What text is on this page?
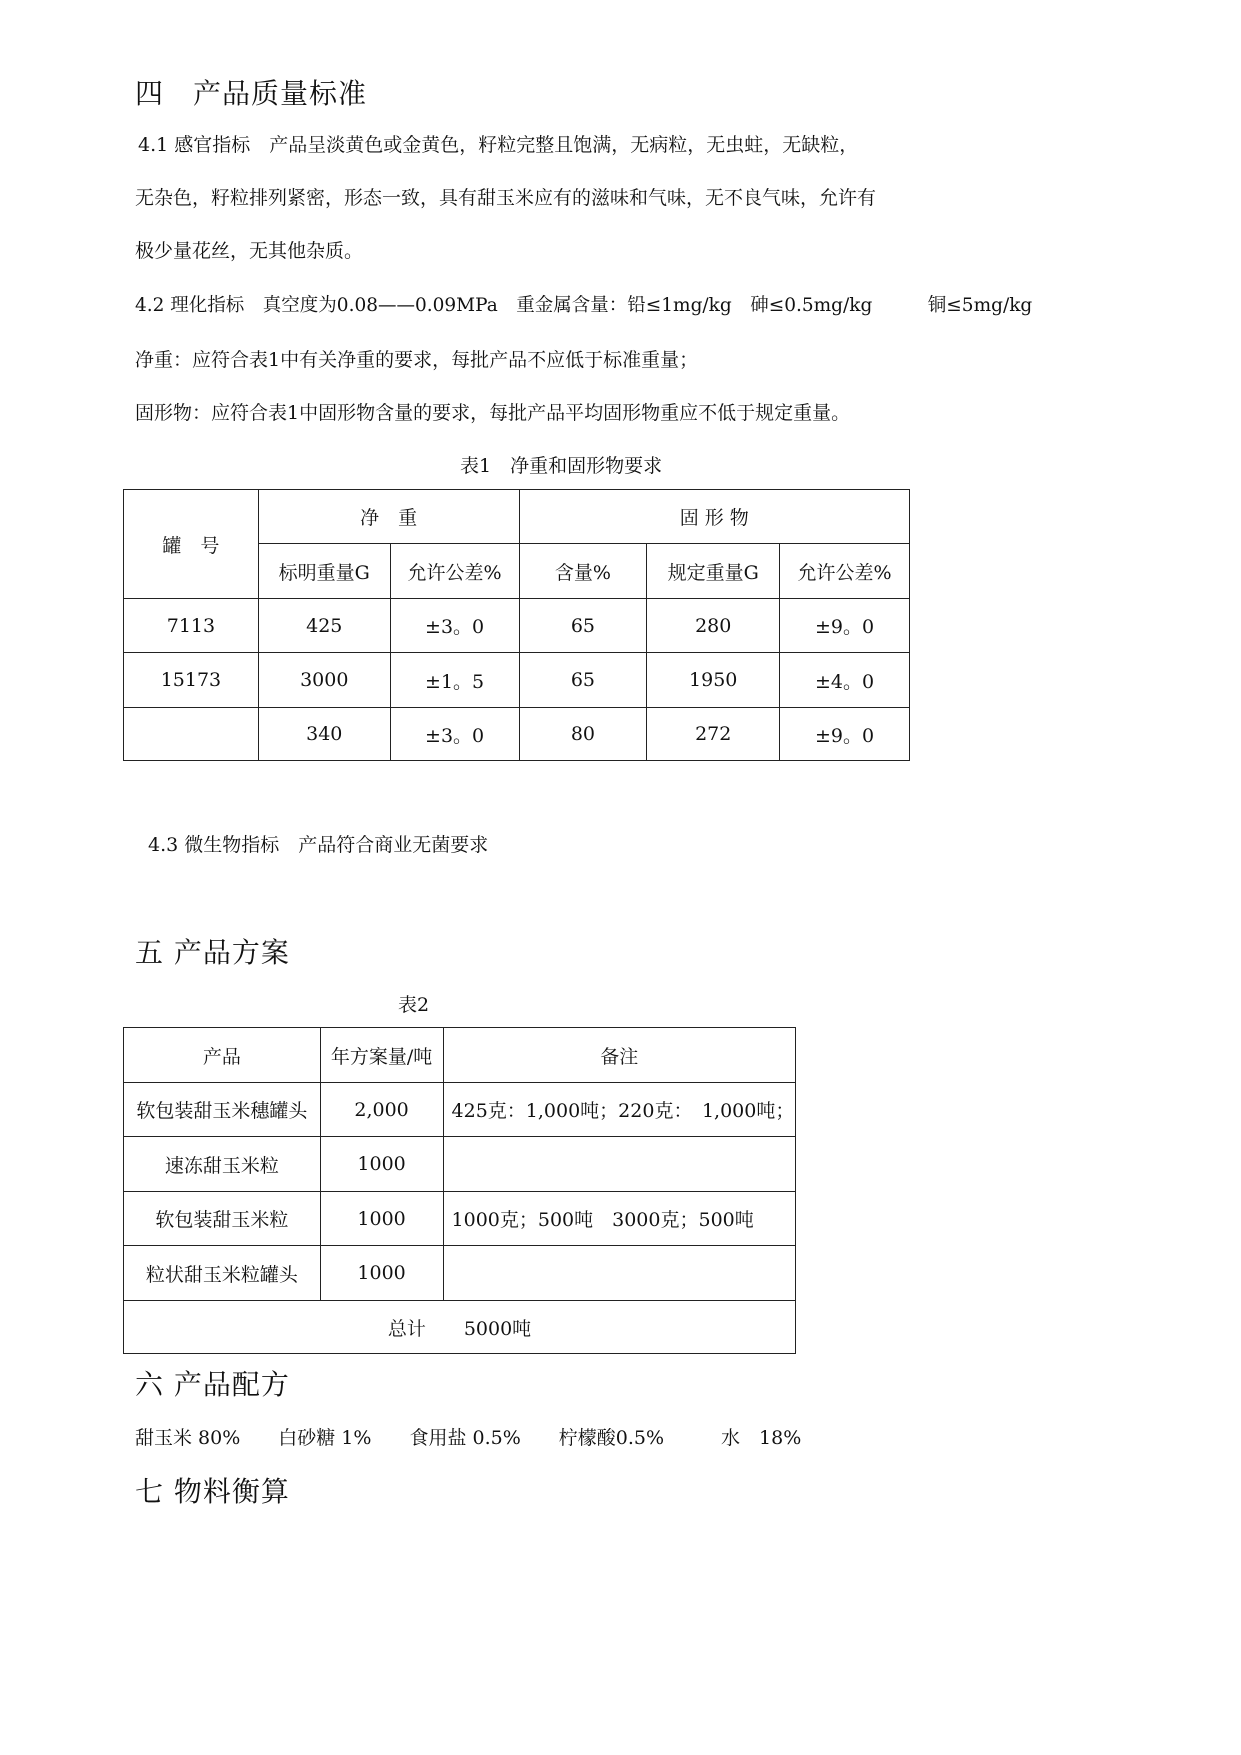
四　产品质量标准
4.1 感官指标　产品呈淡黄色或金黄色，籽粒完整且饱满，无病粒，无虫蛀，无缺粒，
无杂色，籽粒排列紧密，形态一致，具有甜玉米应有的滋味和气味，无不良气味，允许有
极少量花丝，无其他杂质。
4.2 理化指标　真空度为0.08——0.09MPa　重金属含量：铅≤1mg/kg　砷≤0.5mg/kg　　　铜≤5mg/kg
净重：应符合表1中有关净重的要求，每批产品不应低于标准重量；
固形物：应符合表1中固形物含量的要求，每批产品平均固形物重应不低于规定重量。
表1　净重和固形物要求
罐　号	净　重		固 形 物		
	标明重量G	允许公差%	含量%	规定重量G	允许公差%
7113	425	±3。0	65	280	±9。0
15173	3000	±1。5	65	1950	±4。0
	340	±3。0	80	272	±9。0
4.3 微生物指标　产品符合商业无菌要求
五 产品方案
表2
产品	年方案量/吨	备注
软包装甜玉米穗罐头	2,000	425克：1,000吨；220克：　1,000吨；
速冻甜玉米粒	1000	
软包装甜玉米粒	1000	1000克；500吨　3000克；500吨
粒状甜玉米粒罐头	1000	
总计　　5000吨		
六 产品配方
甜玉米 80%　　白砂糖 1%　　食用盐 0.5%　　柠檬酸0.5%　　　水　18%
七 物料衡算
